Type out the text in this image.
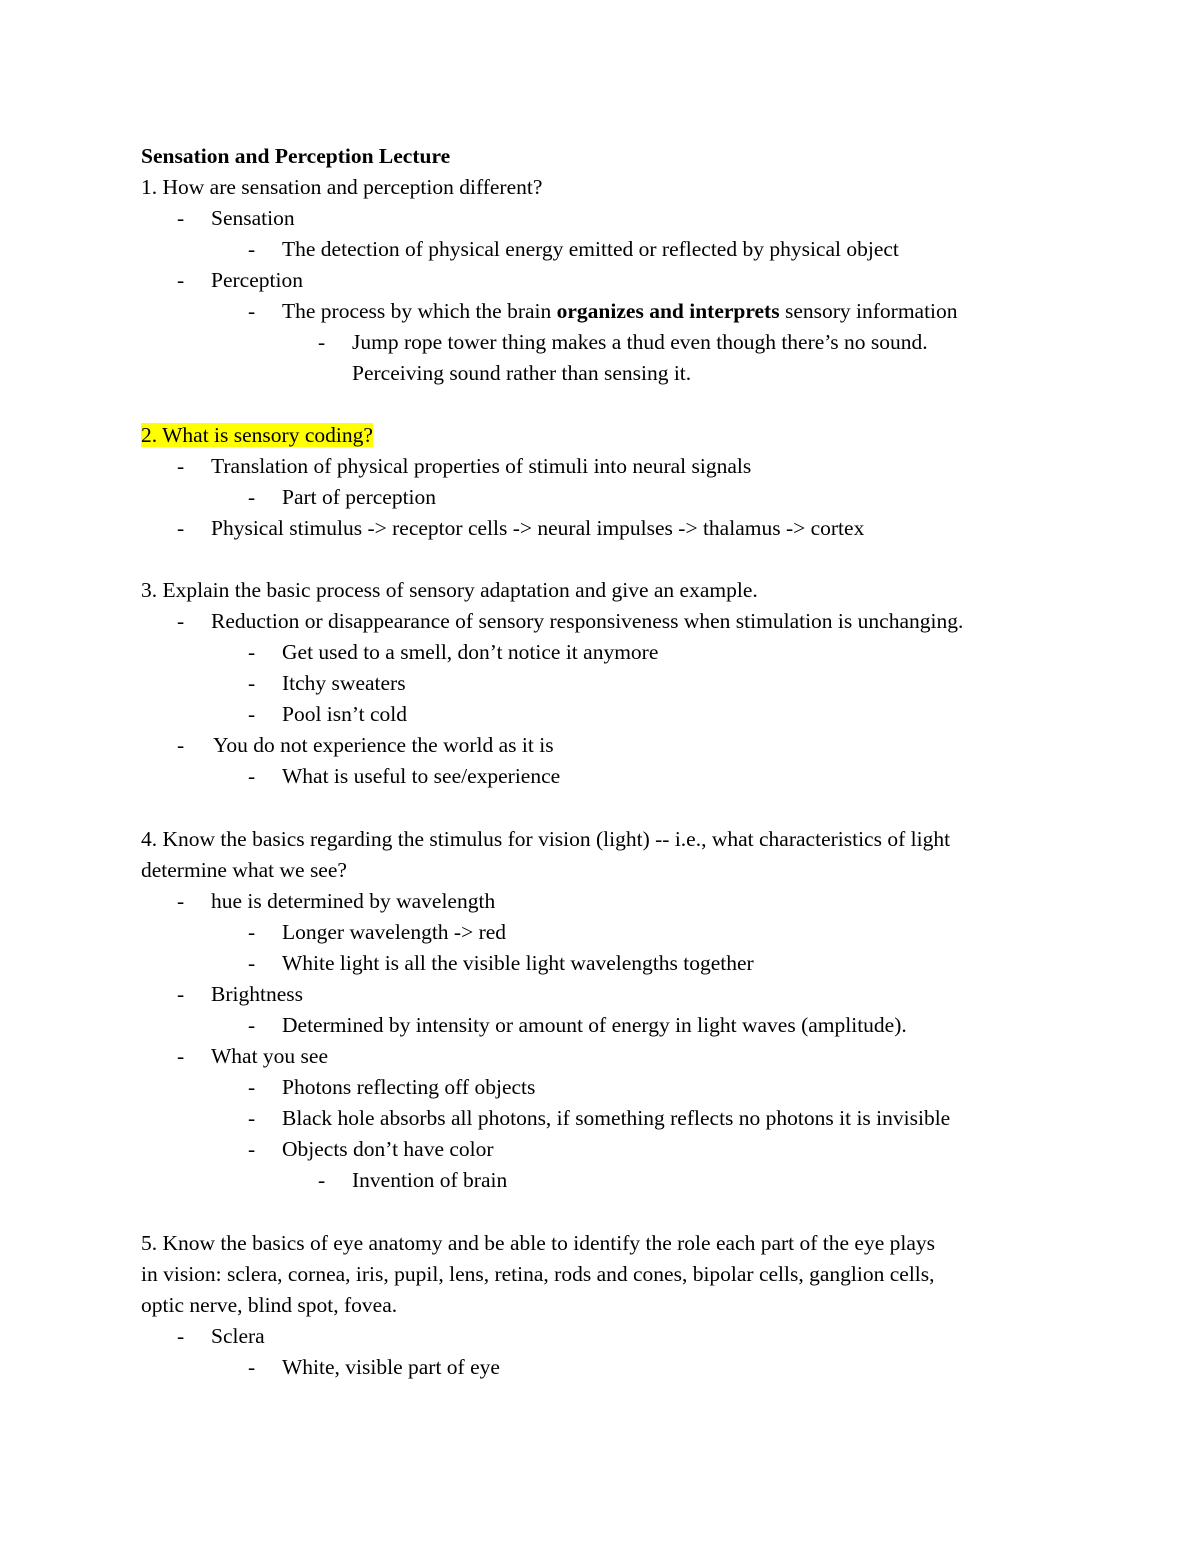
Sensation and Perception Lecture
1. How are sensation and perception different?
- Sensation
- The detection of physical energy emitted or reflected by physical object
- Perception
- The process by which the brain organizes and interprets sensory information
- Jump rope tower thing makes a thud even though there’s no sound.
Perceiving sound rather than sensing it.
2. What is sensory coding?
- Translation of physical properties of stimuli into neural signals
- Part of perception
- Physical stimulus -> receptor cells -> neural impulses -> thalamus -> cortex
3. Explain the basic process of sensory adaptation and give an example.
- Reduction or disappearance of sensory responsiveness when stimulation is unchanging.
- Get used to a smell, don’t notice it anymore
- Itchy sweaters
- Pool isn’t cold
- You do not experience the world as it is
- What is useful to see/experience
4. Know the basics regarding the stimulus for vision (light) -- i.e., what characteristics of light
determine what we see?
- hue is determined by wavelength
- Longer wavelength -> red
- White light is all the visible light wavelengths together
- Brightness
- Determined by intensity or amount of energy in light waves (amplitude).
- What you see
- Photons reflecting off objects
- Black hole absorbs all photons, if something reflects no photons it is invisible
- Objects don’t have color
- Invention of brain
5. Know the basics of eye anatomy and be able to identify the role each part of the eye plays
in vision: sclera, cornea, iris, pupil, lens, retina, rods and cones, bipolar cells, ganglion cells,
optic nerve, blind spot, fovea.
- Sclera
- White, visible part of eye
